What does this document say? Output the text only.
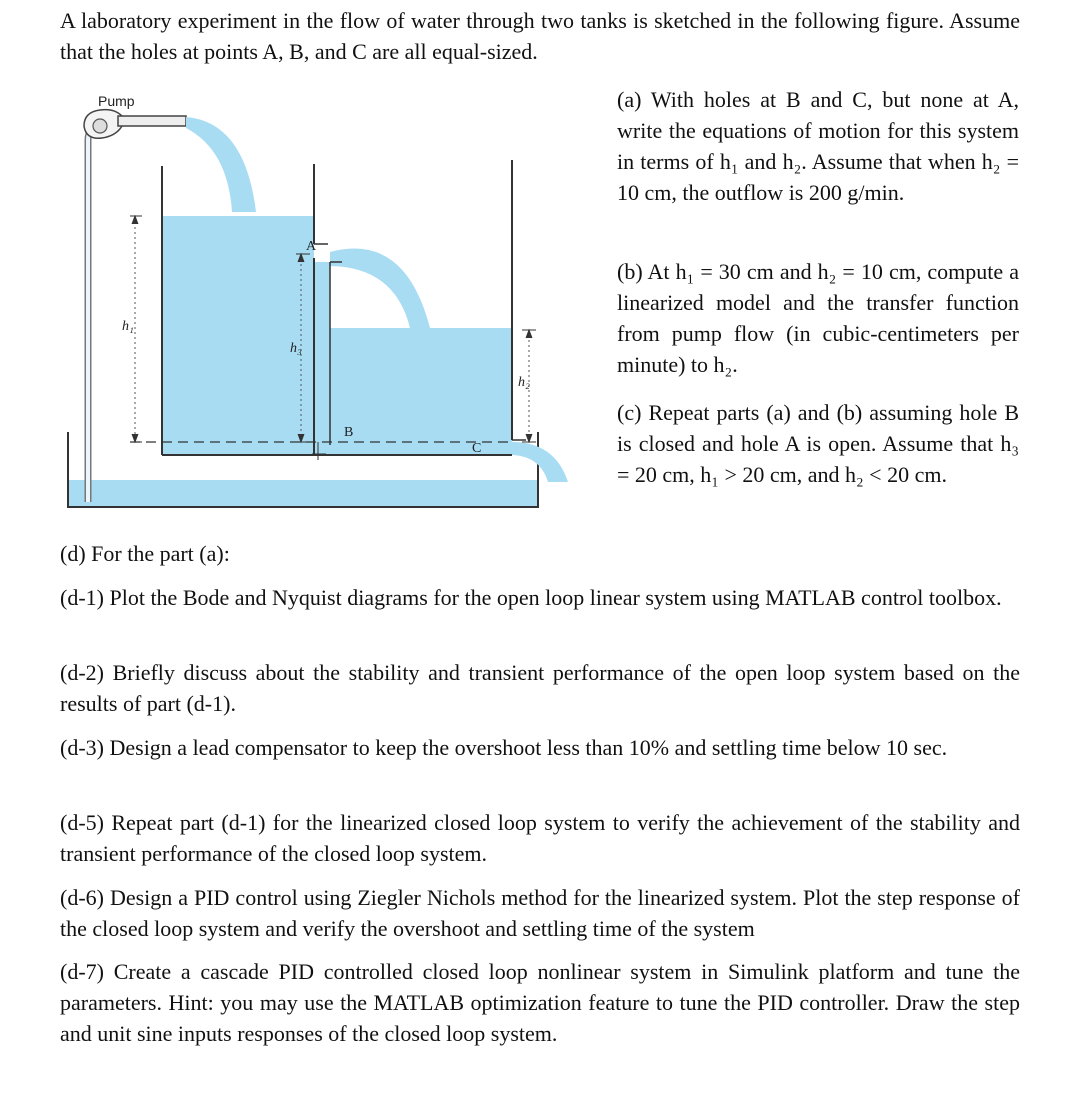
A laboratory experiment in the flow of water through two tanks is sketched in the following figure. Assume that the holes at points A, B, and C are all equal-sized.

Pump
h₁
h₃
h₂
A
B
C

(a) With holes at B and C, but none at A, write the equations of motion for this system in terms of h₁ and h₂. Assume that when h₂ = 10 cm, the outflow is 200 g/min.

(b) At h₁ = 30 cm and h₂ = 10 cm, compute a linearized model and the transfer function from pump flow (in cubic-centimeters per minute) to h₂.

(c) Repeat parts (a) and (b) assuming hole B is closed and hole A is open. Assume that h₃ = 20 cm, h₁ > 20 cm, and h₂ < 20 cm.

(d) For the part (a):

(d-1) Plot the Bode and Nyquist diagrams for the open loop linear system using MATLAB control toolbox.

(d-2) Briefly discuss about the stability and transient performance of the open loop system based on the results of part (d-1).

(d-3) Design a lead compensator to keep the overshoot less than 10% and settling time below 10 sec.

(d-5) Repeat part (d-1) for the linearized closed loop system to verify the achievement of the stability and transient performance of the closed loop system.

(d-6) Design a PID control using Ziegler Nichols method for the linearized system. Plot the step response of the closed loop system and verify the overshoot and settling time of the system

(d-7) Create a cascade PID controlled closed loop nonlinear system in Simulink platform and tune the parameters. Hint: you may use the MATLAB optimization feature to tune the PID controller. Draw the step and unit sine inputs responses of the closed loop system.
